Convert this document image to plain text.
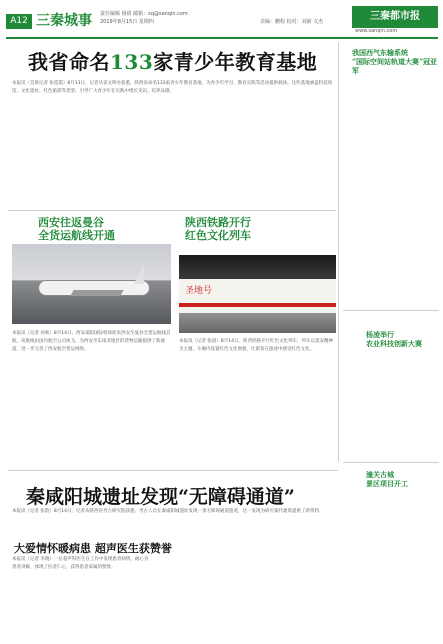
A12 三秦城事 责任编辑 杨倩 邮箱：sq@sanqin.com
2019年8月15日 星期四	美编：鹏程 校对：刘新 文杰	三秦都市报
www.sanqin.com
我省命名133家青少年教育基地
本报讯（首席记者 张霓霞）8月13日，记者从省文明办获悉，陕西省命名133家青少年教育基地，为青少年学习、教育实践等活动提供载体。这些基地涵盖科技场馆、文化遗址、红色旅游等类型，引导广大青少年在实践中增长见识、培养品德。
西安往返曼谷
全货运航线开通
本报讯（记者 孙新）8月14日，西安咸阳国际机场迎来西安至曼谷全货运航线首航，该航线由国内航空公司执飞，为西安至东南亚地区的货物运输提供了新通道，进一步完善了西安航空货运网络。
陕西铁路开行
红色文化列车
圣地号
本报讯（记者 张晨）8月14日，陕西铁路开行红色文化列车，列车以延安精神为主题，车厢内设置红色文化展板，让旅客在旅途中感受红色文化。
我国西气东输系统
“国际空间站轨道大赛”冠亚军
杨凌举行
农业科技创新大赛
潼关古城
景区项目开工
秦咸阳城遗址发现“无障碍通道”
本报讯（记者 张韵）8月14日，记者从陕西省考古研究院获悉，考古人员在秦咸阳城遗址发现一条无障碍通道遗迹，这一发现为研究秦代建筑提供了新资料。
大爱情怀暖病患 超声医生获赞誉
本报讯（记者 李晓）一位超声科医生在工作中发现患者病情，耐心为患者讲解，体现了医者仁心，获得患者家属的赞誉。
